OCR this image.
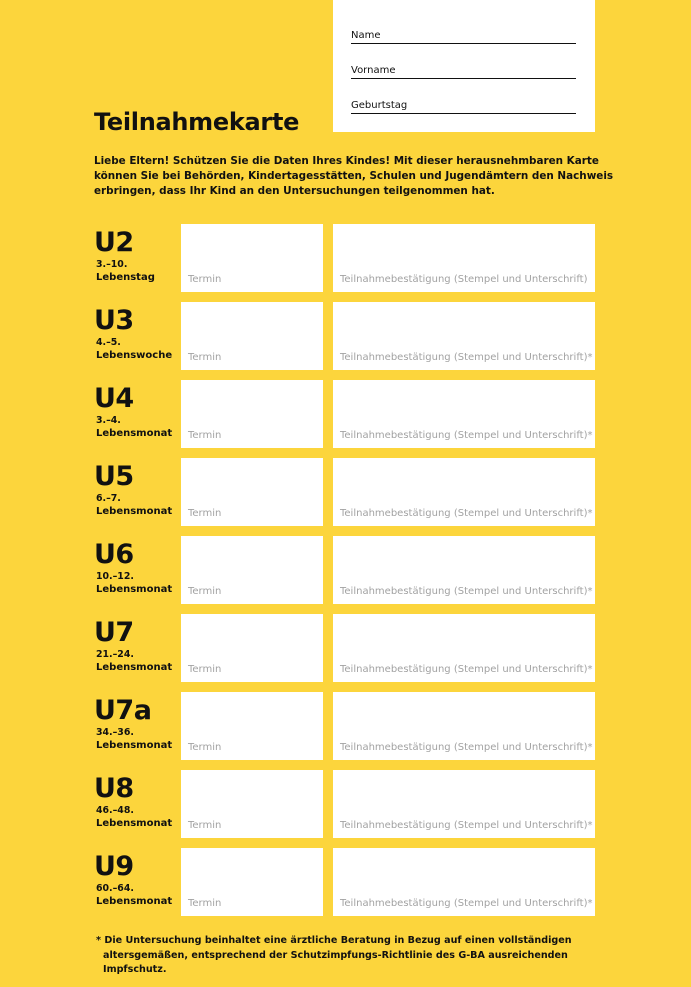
Name
Vorname
Geburtstag
Teilnahmekarte
Liebe Eltern! Schützen Sie die Daten Ihres Kindes! Mit dieser herausnehmbaren Karte können Sie bei Behörden, Kindertagesstätten, Schulen und Jugendämtern den Nachweis erbringen, dass Ihr Kind an den Untersuchungen teilgenommen hat.
U2
3.–10.
Lebenstag	Termin	Teilnahmebestätigung (Stempel und Unterschrift)
U3
4.–5.
Lebenswoche Termin	Teilnahmebestätigung (Stempel und Unterschrift)*
U4
3.–4.
Lebensmonat Termin	Teilnahmebestätigung (Stempel und Unterschrift)*
U5
6.–7.
Lebensmonat Termin	Teilnahmebestätigung (Stempel und Unterschrift)*
U6
10.–12.
Lebensmonat Termin	Teilnahmebestätigung (Stempel und Unterschrift)*
U7
21.–24.
Lebensmonat Termin	Teilnahmebestätigung (Stempel und Unterschrift)*
U7a
34.–36.
Lebensmonat Termin	Teilnahmebestätigung (Stempel und Unterschrift)*
U8
46.–48.
Lebensmonat Termin	Teilnahmebestätigung (Stempel und Unterschrift)*
U9
60.–64.
Lebensmonat Termin	Teilnahmebestätigung (Stempel und Unterschrift)*
* Die Untersuchung beinhaltet eine ärztliche Beratung in Bezug auf einen vollständigen altersgemäßen, entsprechend der Schutzimpfungs-Richtlinie des G-BA ausreichenden Impfschutz.
